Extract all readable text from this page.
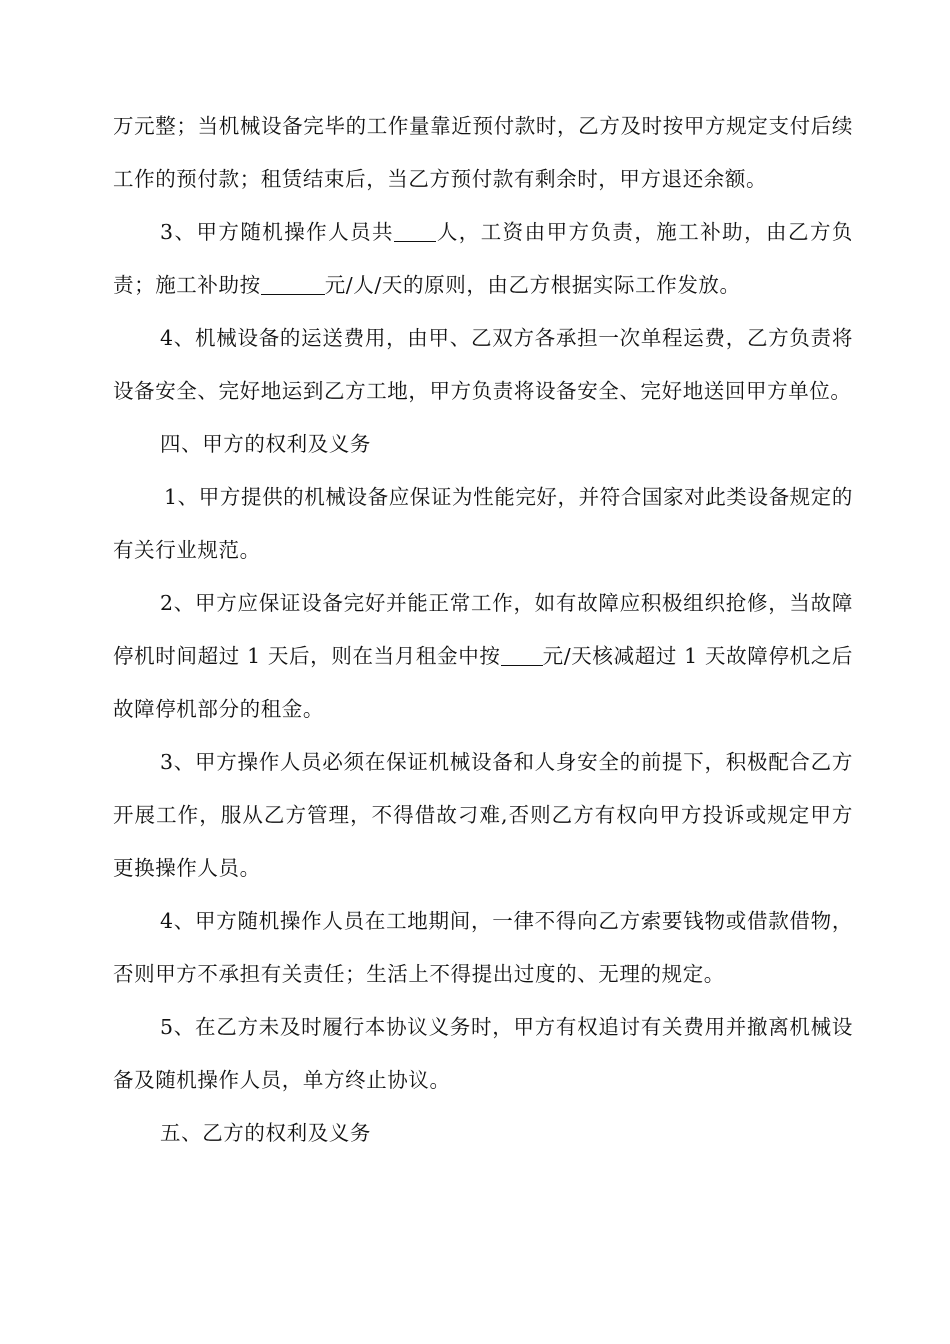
万元整；当机械设备完毕的工作量靠近预付款时，乙方及时按甲方规定支付后续工作的预付款；租赁结束后，当乙方预付款有剩余时，甲方退还余额。

3、甲方随机操作人员共 人，工资由甲方负责，施工补助，由乙方负责；施工补助按	元/人/天的原则，由乙方根据实际工作发放。

4、机械设备的运送费用，由甲、乙双方各承担一次单程运费，乙方负责将设备安全、完好地运到乙方工地，甲方负责将设备安全、完好地送回甲方单位。

四、甲方的权利及义务

1、甲方提供的机械设备应保证为性能完好，并符合国家对此类设备规定的有关行业规范。

2、甲方应保证设备完好并能正常工作，如有故障应积极组织抢修，当故障停机时间超过 1 天后，则在当月租金中按 元/天核减超过 1 天故障停机之后故障停机部分的租金。

3、甲方操作人员必须在保证机械设备和人身安全的前提下，积极配合乙方开展工作，服从乙方管理，不得借故刁难,否则乙方有权向甲方投诉或规定甲方更换操作人员。

4、甲方随机操作人员在工地期间，一律不得向乙方索要钱物或借款借物，否则甲方不承担有关责任；生活上不得提出过度的、无理的规定。

5、在乙方未及时履行本协议义务时，甲方有权追讨有关费用并撤离机械设备及随机操作人员，单方终止协议。

五、乙方的权利及义务
